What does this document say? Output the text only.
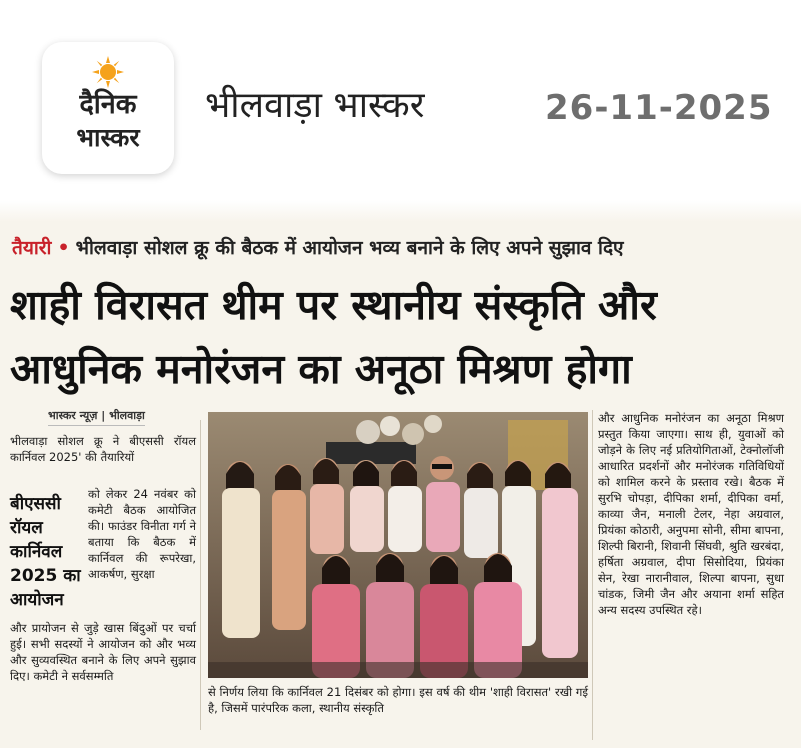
दैनिक
भास्कर
भीलवाड़ा भास्कर	26-11-2025
तैयारी • भीलवाड़ा सोशल क्रू की बैठक में आयोजन भव्य बनाने के लिए अपने सुझाव दिए
शाही विरासत थीम पर स्थानीय संस्कृति और
आधुनिक मनोरंजन का अनूठा मिश्रण होगा
भास्कर न्यूज़ | भीलवाड़ा

भीलवाड़ा सोशल क्रू ने बीएससी रॉयल कार्निवल 2025' की तैयारियों

बीएससी रॉयल कार्निवल 2025 का आयोजन

को लेकर 24 नवंबर को कमेटी बैठक आयोजित की। फाउंडर विनीता गर्ग ने बताया कि बैठक में कार्निवल की रूपरेखा, आकर्षण, सुरक्षा

और प्रायोजन से जुड़े खास बिंदुओं पर चर्चा हुई। सभी सदस्यों ने आयोजन को और भव्य और सुव्यवस्थित बनाने के लिए अपने सुझाव दिए। कमेटी ने सर्वसम्मति

से निर्णय लिया कि कार्निवल 21 दिसंबर को होगा। इस वर्ष की थीम 'शाही विरासत' रखी गई है, जिसमें पारंपरिक कला, स्थानीय संस्कृति

और आधुनिक मनोरंजन का अनूठा मिश्रण प्रस्तुत किया जाएगा। साथ ही, युवाओं को जोड़ने के लिए नई प्रतियोगिताओं, टेक्नोलॉजी आधारित प्रदर्शनों और मनोरंजक गतिविधियों को शामिल करने के प्रस्ताव रखे। बैठक में सुरभि चोपड़ा, दीपिका शर्मा, दीपिका वर्मा, काव्या जैन, मनाली टेलर, नेहा अग्रवाल, प्रियंका कोठारी, अनुपमा सोनी, सीमा बापना, शिल्पी बिरानी, शिवानी सिंघवी, श्रुति खरबंदा, हर्षिता अग्रवाल, दीपा सिसोदिया, प्रियंका सेन, रेखा नारानीवाल, शिल्पा बापना, सुधा चांडक, जिमी जैन और अयाना शर्मा सहित अन्य सदस्य उपस्थित रहे।
